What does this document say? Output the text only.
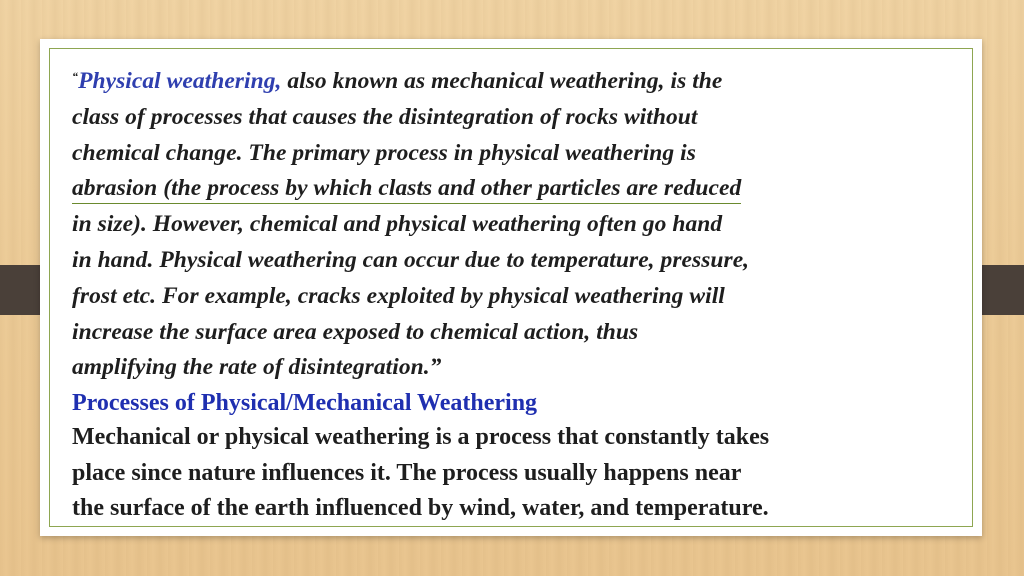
“Physical weathering, also known as mechanical weathering, is the
class of processes that causes the disintegration of rocks without
chemical change. The primary process in physical weathering is
abrasion (the process by which clasts and other particles are reduced
in size). However, chemical and physical weathering often go hand
in hand. Physical weathering can occur due to temperature, pressure,
frost etc. For example, cracks exploited by physical weathering will
increase the surface area exposed to chemical action, thus
amplifying the rate of disintegration.”
Processes of Physical/Mechanical Weathering
Mechanical or physical weathering is a process that constantly takes
place since nature influences it. The process usually happens near
the surface of the earth influenced by wind, water, and temperature.
